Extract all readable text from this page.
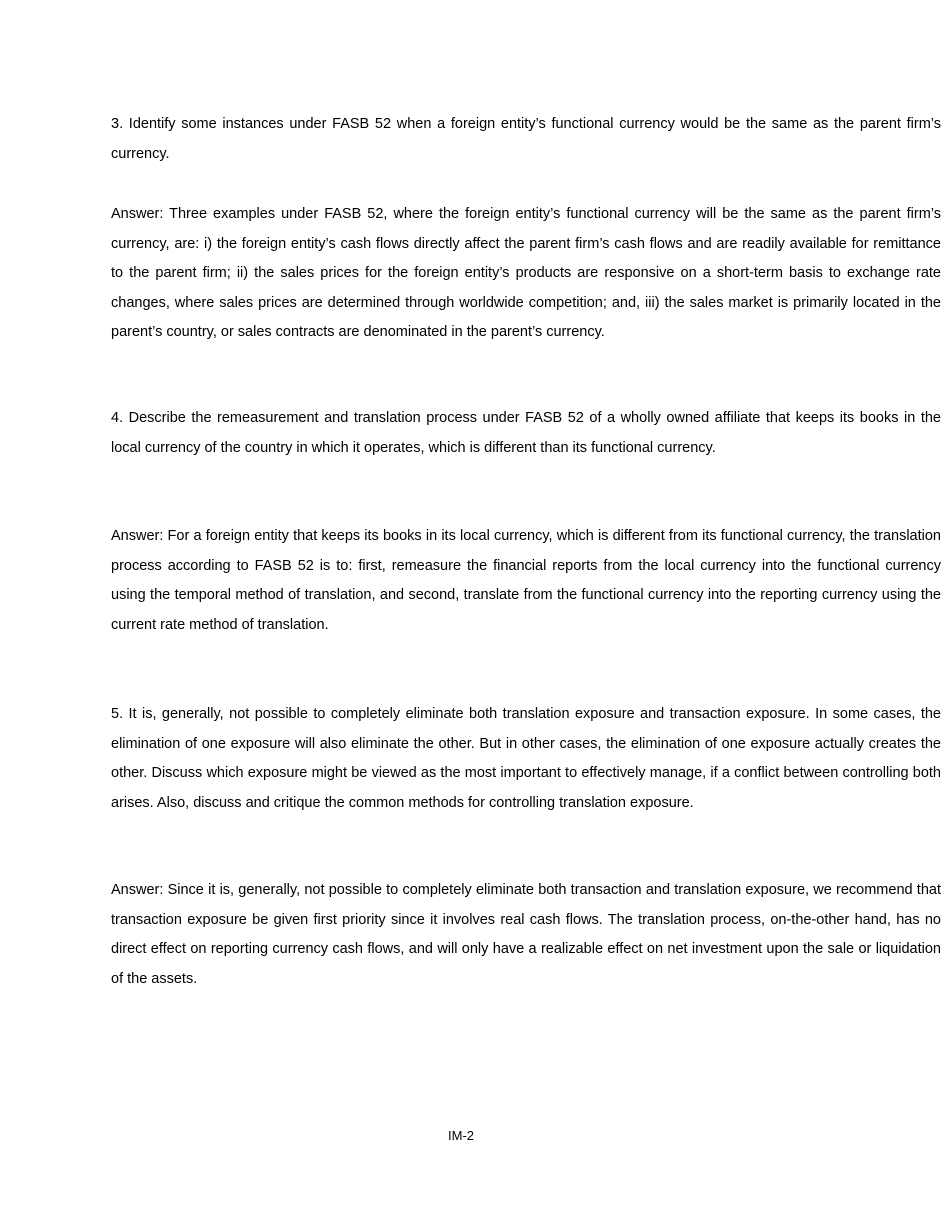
3. Identify some instances under FASB 52 when a foreign entity’s functional currency would be the same as the parent firm’s currency.

Answer: Three examples under FASB 52, where the foreign entity’s functional currency will be the same as the parent firm’s currency, are: i) the foreign entity’s cash flows directly affect the parent firm’s cash flows and are readily available for remittance to the parent firm; ii) the sales prices for the foreign entity’s products are responsive on a short-term basis to exchange rate changes, where sales prices are determined through worldwide competition; and, iii) the sales market is primarily located in the parent’s country, or sales contracts are denominated in the parent’s currency.

4. Describe the remeasurement and translation process under FASB 52 of a wholly owned affiliate that keeps its books in the local currency of the country in which it operates, which is different than its functional currency.

Answer: For a foreign entity that keeps its books in its local currency, which is different from its functional currency, the translation process according to FASB 52 is to: first, remeasure the financial reports from the local currency into the functional currency using the temporal method of translation, and second, translate from the functional currency into the reporting currency using the current rate method of translation.

5. It is, generally, not possible to completely eliminate both translation exposure and transaction exposure. In some cases, the elimination of one exposure will also eliminate the other. But in other cases, the elimination of one exposure actually creates the other. Discuss which exposure might be viewed as the most important to effectively manage, if a conflict between controlling both arises. Also, discuss and critique the common methods for controlling translation exposure.

Answer: Since it is, generally, not possible to completely eliminate both transaction and translation exposure, we recommend that transaction exposure be given first priority since it involves real cash flows. The translation process, on-the-other hand, has no direct effect on reporting currency cash flows, and will only have a realizable effect on net investment upon the sale or liquidation of the assets.

IM-2
